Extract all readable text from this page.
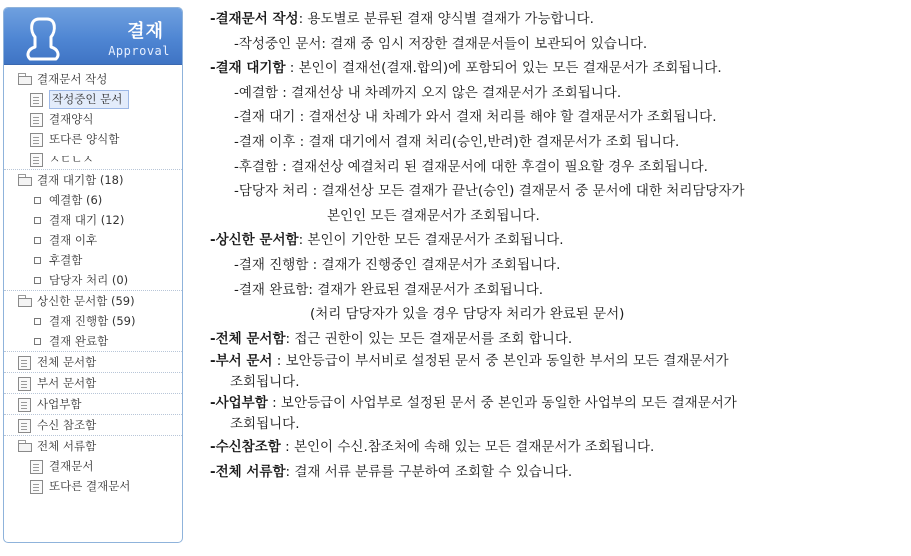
결재
Approval
결재문서 작성
작성중인 문서
결재양식
또다른 양식함
ㅅㄷㄴㅅ
결재 대기함 (18)
예결함 (6)
결재 대기 (12)
결재 이후
후결함
담당자 처리 (0)
상신한 문서함 (59)
결재 진행함 (59)
결재 완료함
전체 문서함
부서 문서함
사업부함
수신 참조함
전체 서류함
결재문서
또다른 결재문서
-결재문서 작성: 용도별로 분류된 결재 양식별 결재가 가능합니다.
-작성중인 문서: 결재 중 임시 저장한 결재문서들이 보관되어 있습니다.
-결재 대기함 : 본인이 결재선(결재.합의)에 포함되어 있는 모든 결재문서가 조회됩니다.
-예결함 : 결재선상 내 차례까지 오지 않은 결재문서가 조회됩니다.
-결재 대기 : 결재선상 내 차례가 와서 결재 처리를 해야 할 결재문서가 조회됩니다.
-결재 이후 : 결재 대기에서 결재 처리(승인,반려)한 결재문서가 조회 됩니다.
-후결함 : 결재선상 예결처리 된 결재문서에 대한 후결이 필요할 경우 조회됩니다.
-담당자 처리 : 결재선상 모든 결재가 끝난(승인) 결재문서 중 문서에 대한 처리담당자가
본인인 모든 결재문서가 조회됩니다.
-상신한 문서함: 본인이 기안한 모든 결재문서가 조회됩니다.
-결재 진행함 : 결재가 진행중인 결재문서가 조회됩니다.
-결재 완료함: 결재가 완료된 결재문서가 조회됩니다.
(처리 담당자가 있을 경우 담당자 처리가 완료된 문서)
-전체 문서함: 접근 권한이 있는 모든 결재문서를 조회 합니다.
-부서 문서 : 보안등급이 부서비로 설정된 문서 중 본인과 동일한 부서의 모든 결재문서가
조회됩니다.
-사업부함 : 보안등급이 사업부로 설정된 문서 중 본인과 동일한 사업부의 모든 결재문서가
조회됩니다.
-수신참조함 : 본인이 수신.참조처에 속해 있는 모든 결재문서가 조회됩니다.
-전체 서류함: 결재 서류 분류를 구분하여 조회할 수 있습니다.
